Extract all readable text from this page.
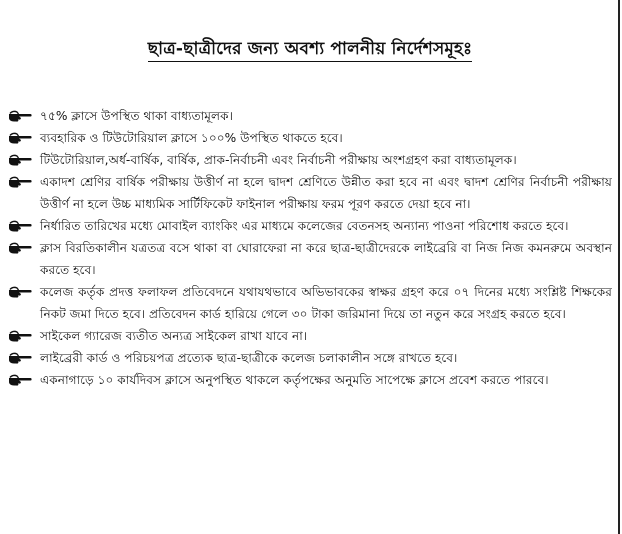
ছাত্র-ছাত্রীদের জন্য অবশ্য পালনীয় নির্দেশসমূহঃ
৭৫% ক্লাসে উপস্থিত থাকা বাধ্যতামূলক।
ব্যবহারিক ও টিউটোরিয়াল ক্লাসে ১০০% উপস্থিত থাকতে হবে।
টিউটোরিয়াল,অর্ধ-বার্ষিক, বার্ষিক, প্রাক-নির্বাচনী এবং নির্বাচনী পরীক্ষায় অংশগ্রহণ করা বাধ্যতামূলক।
একাদশ শ্রেণির বার্ষিক পরীক্ষায় উত্তীর্ণ না হলে দ্বাদশ শ্রেণিতে উন্নীত করা হবে না এবং দ্বাদশ শ্রেণির নির্বাচনী পরীক্ষায় উত্তীর্ণ না হলে উচ্চ মাধ্যমিক সার্টিফিকেট ফাইনাল পরীক্ষায় ফরম পূরণ করতে দেয়া হবে না।
নির্ধারিত তারিখের মধ্যে মোবাইল ব্যাংকিং এর মাধ্যমে কলেজের বেতনসহ অন্যান্য পাওনা পরিশোধ করতে হবে।
ক্লাস বিরতিকালীন যত্রতত্র বসে থাকা বা ঘোরাফেরা না করে ছাত্র-ছাত্রীদেরকে লাইব্রেরি বা নিজ নিজ কমনরুমে অবস্থান করতে হবে।
কলেজ কর্তৃক প্রদত্ত ফলাফল প্রতিবেদনে যথাযথভাবে অভিভাবকের স্বাক্ষর গ্রহণ করে ০৭ দিনের মধ্যে সংশ্লিষ্ট শিক্ষকের নিকট জমা দিতে হবে। প্রতিবেদন কার্ড হারিয়ে গেলে ৩০ টাকা জরিমানা দিয়ে তা নতুন করে সংগ্রহ করতে হবে।
সাইকেল গ্যারেজ ব্যতীত অন্যত্র সাইকেল রাখা যাবে না।
লাইব্রেরী কার্ড ও পরিচয়পত্র প্রত্যেক ছাত্র-ছাত্রীকে কলেজ চলাকালীন সঙ্গে রাখতে হবে।
একনাগাড়ে ১০ কার্যদিবস ক্লাসে অনুপস্থিত থাকলে কর্তৃপক্ষের অনুমতি সাপেক্ষে ক্লাসে প্রবেশ করতে পারবে।
